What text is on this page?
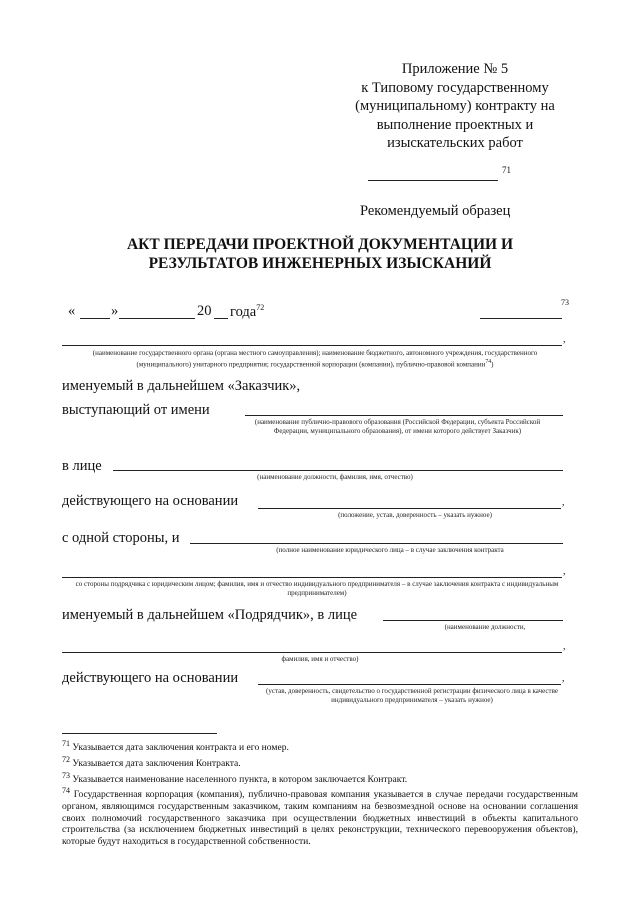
Приложение № 5
к Типовому государственному
(муниципальному) контракту на
выполнение проектных и
изыскательских работ
71
Рекомендуемый образец
АКТ ПЕРЕДАЧИ ПРОЕКТНОЙ ДОКУМЕНТАЦИИ И
РЕЗУЛЬТАТОВ ИНЖЕНЕРНЫХ ИЗЫСКАНИЙ
« »	20 года$^{72}$
73
,
(наименование государственного органа (органа местного самоуправления); наименование бюджетного, автономного учреждения, государственного (муниципального) унитарного предприятия; государственной корпорации (компании), публично-правовой компании$^{74}$)
именуемый в дальнейшем «Заказчик»,
выступающий от имени
(наименование публично-правового образования (Российской Федерации, субъекта Российской Федерации, муниципального образования), от имени которого действует Заказчик)
в лице
(наименование должности, фамилия, имя, отчество)
действующего на основании	,
(положение, устав, доверенность – указать нужное)
с одной стороны, и
(полное наименование юридического лица – в случае заключения контракта
,
со стороны подрядчика с юридическим лицом; фамилия, имя и отчество индивидуального предпринимателя – в случае заключения контракта с индивидуальным предпринимателем)
именуемый в дальнейшем «Подрядчик», в лице
(наименование должности,
,
фамилия, имя и отчество)
действующего на основании	,
(устав, доверенность, свидетельство о государственной регистрации физического лица в качестве индивидуального предпринимателя – указать нужное)
$^{71}$ Указывается дата заключения контракта и его номер.
$^{72}$ Указывается дата заключения Контракта.
$^{73}$ Указывается наименование населенного пункта, в котором заключается Контракт.
$^{74}$ Государственная корпорация (компания), публично-правовая компания указывается в случае передачи государственным органом, являющимся государственным заказчиком, таким компаниям на безвозмездной основе на основании соглашения своих полномочий государственного заказчика при осуществлении бюджетных инвестиций в объекты капитального строительства (за исключением бюджетных инвестиций в целях реконструкции, технического перевооружения объектов), которые будут находиться в государственной собственности.
